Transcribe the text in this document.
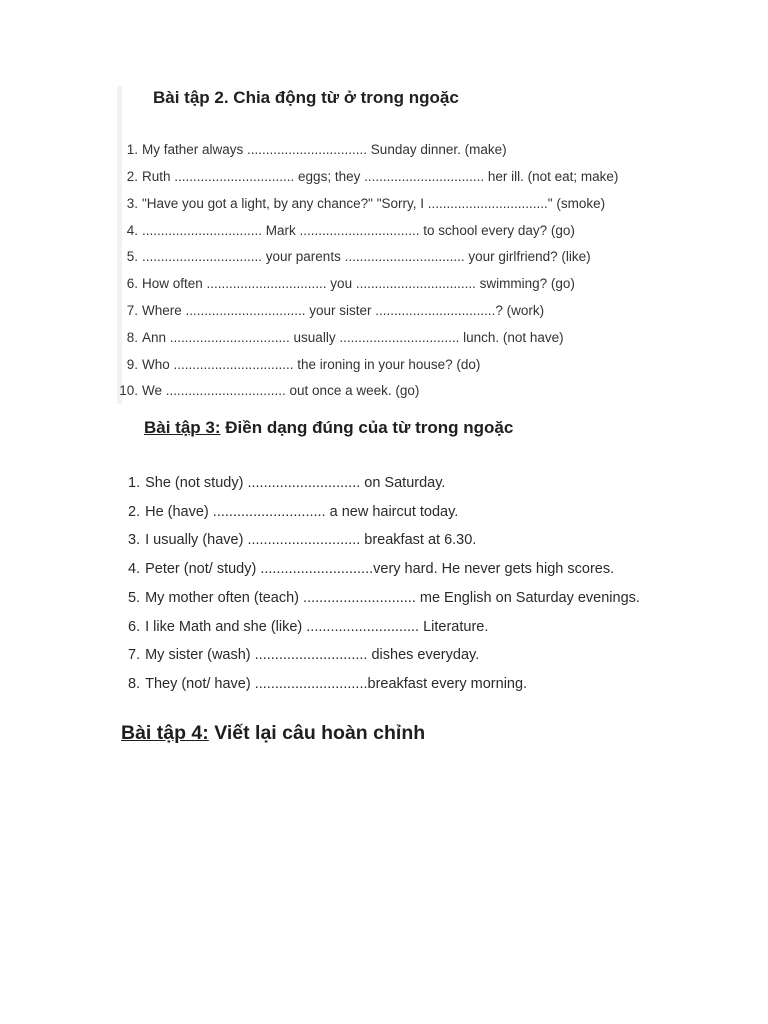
Bài tập 2. Chia động từ ở trong ngoặc
1. My father always ................................ Sunday dinner. (make)
2. Ruth ................................ eggs; they ................................ her ill. (not eat; make)
3. "Have you got a light, by any chance?" "Sorry, I ................................" (smoke)
4. ................................ Mark ................................ to school every day? (go)
5. ................................ your parents ................................ your girlfriend? (like)
6. How often ................................ you ................................ swimming? (go)
7. Where ................................ your sister ................................? (work)
8. Ann ................................ usually ................................ lunch. (not have)
9. Who ................................ the ironing in your house? (do)
10. We ................................ out once a week. (go)
Bài tập 3: Điền dạng đúng của từ trong ngoặc
1. She (not study) ............................ on Saturday.
2. He (have) ............................ a new haircut today.
3. I usually (have) ............................ breakfast at 6.30.
4. Peter (not/ study) ............................very hard. He never gets high scores.
5. My mother often (teach) ............................ me English on Saturday evenings.
6. I like Math and she (like) ............................ Literature.
7. My sister (wash) ............................ dishes everyday.
8. They (not/ have) ............................breakfast every morning.
Bài tập 4: Viết lại câu hoàn chỉnh
